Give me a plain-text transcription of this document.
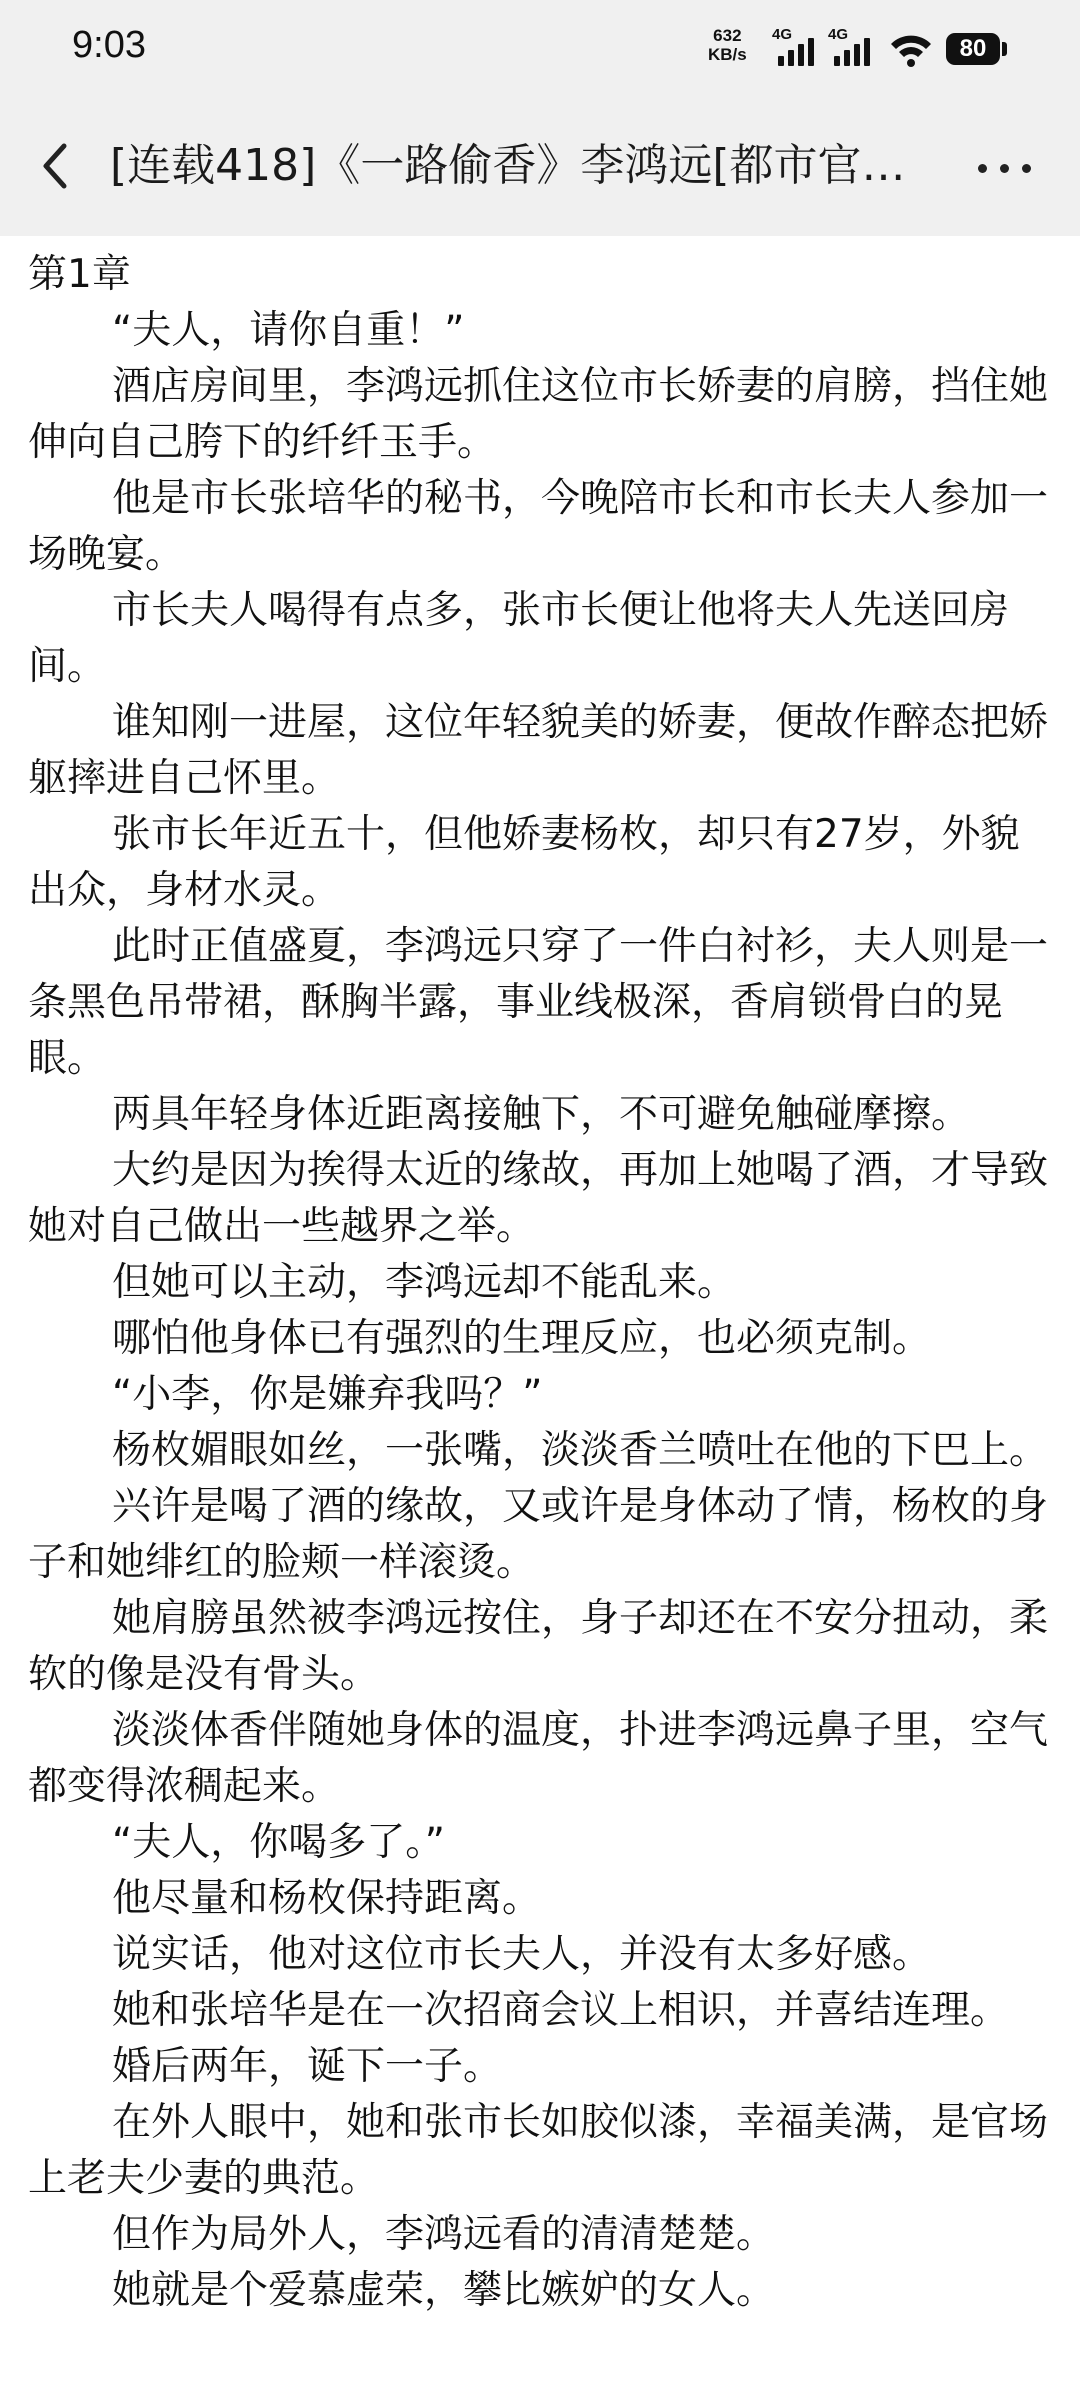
9:03	632
KB/s
4G 4G
80
[连载418]《一路偷香》李鸿远[都市官…
第1章

“夫人，请你自重！”

酒店房间里，李鸿远抓住这位市长娇妻的肩膀，挡住她伸向自己胯下的纤纤玉手。

他是市长张培华的秘书，今晚陪市长和市长夫人参加一场晚宴。

市长夫人喝得有点多，张市长便让他将夫人先送回房间。

谁知刚一进屋，这位年轻貌美的娇妻，便故作醉态把娇躯摔进自己怀里。

张市长年近五十，但他娇妻杨枚，却只有27岁，外貌出众，身材水灵。

此时正值盛夏，李鸿远只穿了一件白衬衫，夫人则是一条黑色吊带裙，酥胸半露，事业线极深，香肩锁骨白的晃眼。

两具年轻身体近距离接触下，不可避免触碰摩擦。

大约是因为挨得太近的缘故，再加上她喝了酒，才导致她对自己做出一些越界之举。

但她可以主动，李鸿远却不能乱来。

哪怕他身体已有强烈的生理反应，也必须克制。

“小李，你是嫌弃我吗？”

杨枚媚眼如丝，一张嘴，淡淡香兰喷吐在他的下巴上。

兴许是喝了酒的缘故，又或许是身体动了情，杨枚的身子和她绯红的脸颊一样滚烫。

她肩膀虽然被李鸿远按住，身子却还在不安分扭动，柔软的像是没有骨头。

淡淡体香伴随她身体的温度，扑进李鸿远鼻子里，空气都变得浓稠起来。

“夫人，你喝多了。”

他尽量和杨枚保持距离。

说实话，他对这位市长夫人，并没有太多好感。

她和张培华是在一次招商会议上相识，并喜结连理。

婚后两年，诞下一子。

在外人眼中，她和张市长如胶似漆，幸福美满，是官场上老夫少妻的典范。

但作为局外人，李鸿远看的清清楚楚。

她就是个爱慕虚荣，攀比嫉妒的女人。
